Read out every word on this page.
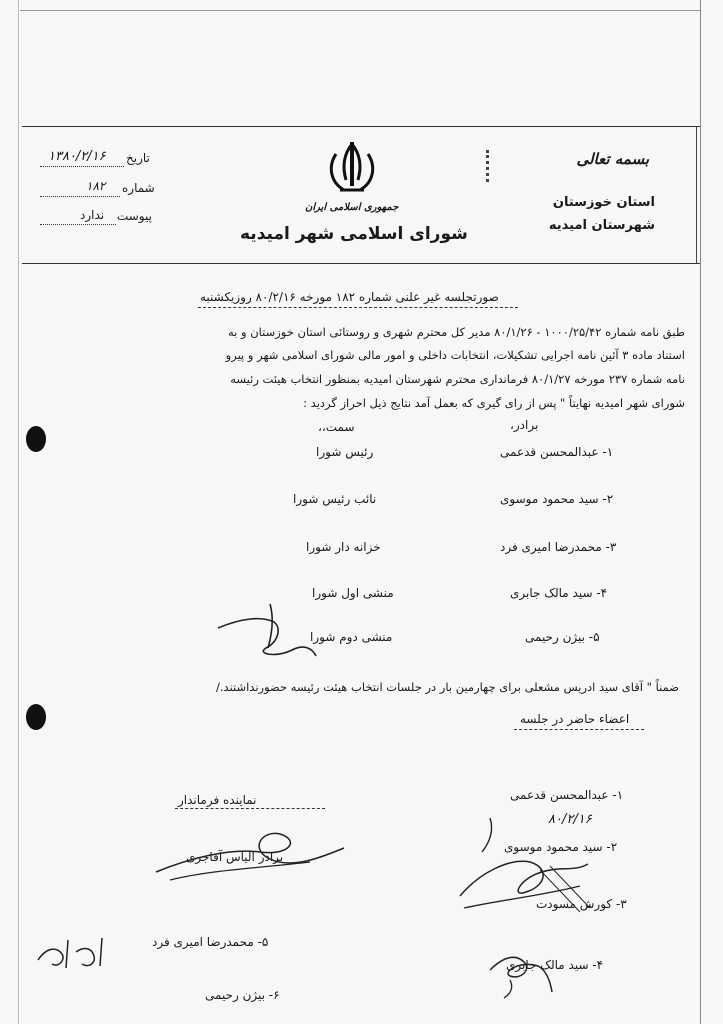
بسمه تعالی
استان خوزستان
شهرستان امیدیه
جمهوری اسلامی ایران
شورای اسلامی شهر امیدیه
تاریخ
۱۳۸۰/۲/۱۶
شماره
۱۸۲
پیوست
ندارد
صورتجلسه غیر علنی شماره ۱۸۲ مورخه ۸۰/۲/۱۶ روزیکشنبه
طبق نامه شماره ۱۰۰۰/۲۵/۴۲ - ۸۰/۱/۲۶ مدیر کل محترم شهری و روستائی استان خوزستان و به
استناد ماده ۳ آئین نامه اجرایی تشکیلات، انتخابات داخلی و امور مالی شورای اسلامی شهر و پیرو
نامه شماره ۲۳۷ مورخه ۸۰/۱/۲۷ فرمانداری محترم شهرستان امیدیه بمنظور انتخاب هیئت رئیسه
شورای شهر امیدیه نهایتاً " پس از رای گیری که بعمل آمد نتایج ذیل احراز گردید :
برادر،
سمت،،
۱- عبدالمحسن قدعمی
رئیس شورا
۲- سید محمود موسوی
نائب رئیس شورا
۳- محمدرضا امیری فرد
خزانه دار شورا
۴- سید مالک جابری
منشی اول شورا
۵- بیژن رحیمی
منشی دوم شورا
ضمناً " آقای سید ادریس مشعلی برای چهارمین بار در جلسات انتخاب هیئت رئیسه حضورنداشتند./
اعضاء حاضر در جلسه
نماینده فرماندار
برادر الیاس آقاجری
۱- عبدالمحسن قدعمی
۲- سید محمود موسوی
۳- کورش مسودت
۴- سید مالک جابری
۸۰/۲/۱۶
۵- محمدرضا امیری فرد
۶- بیژن رحیمی
